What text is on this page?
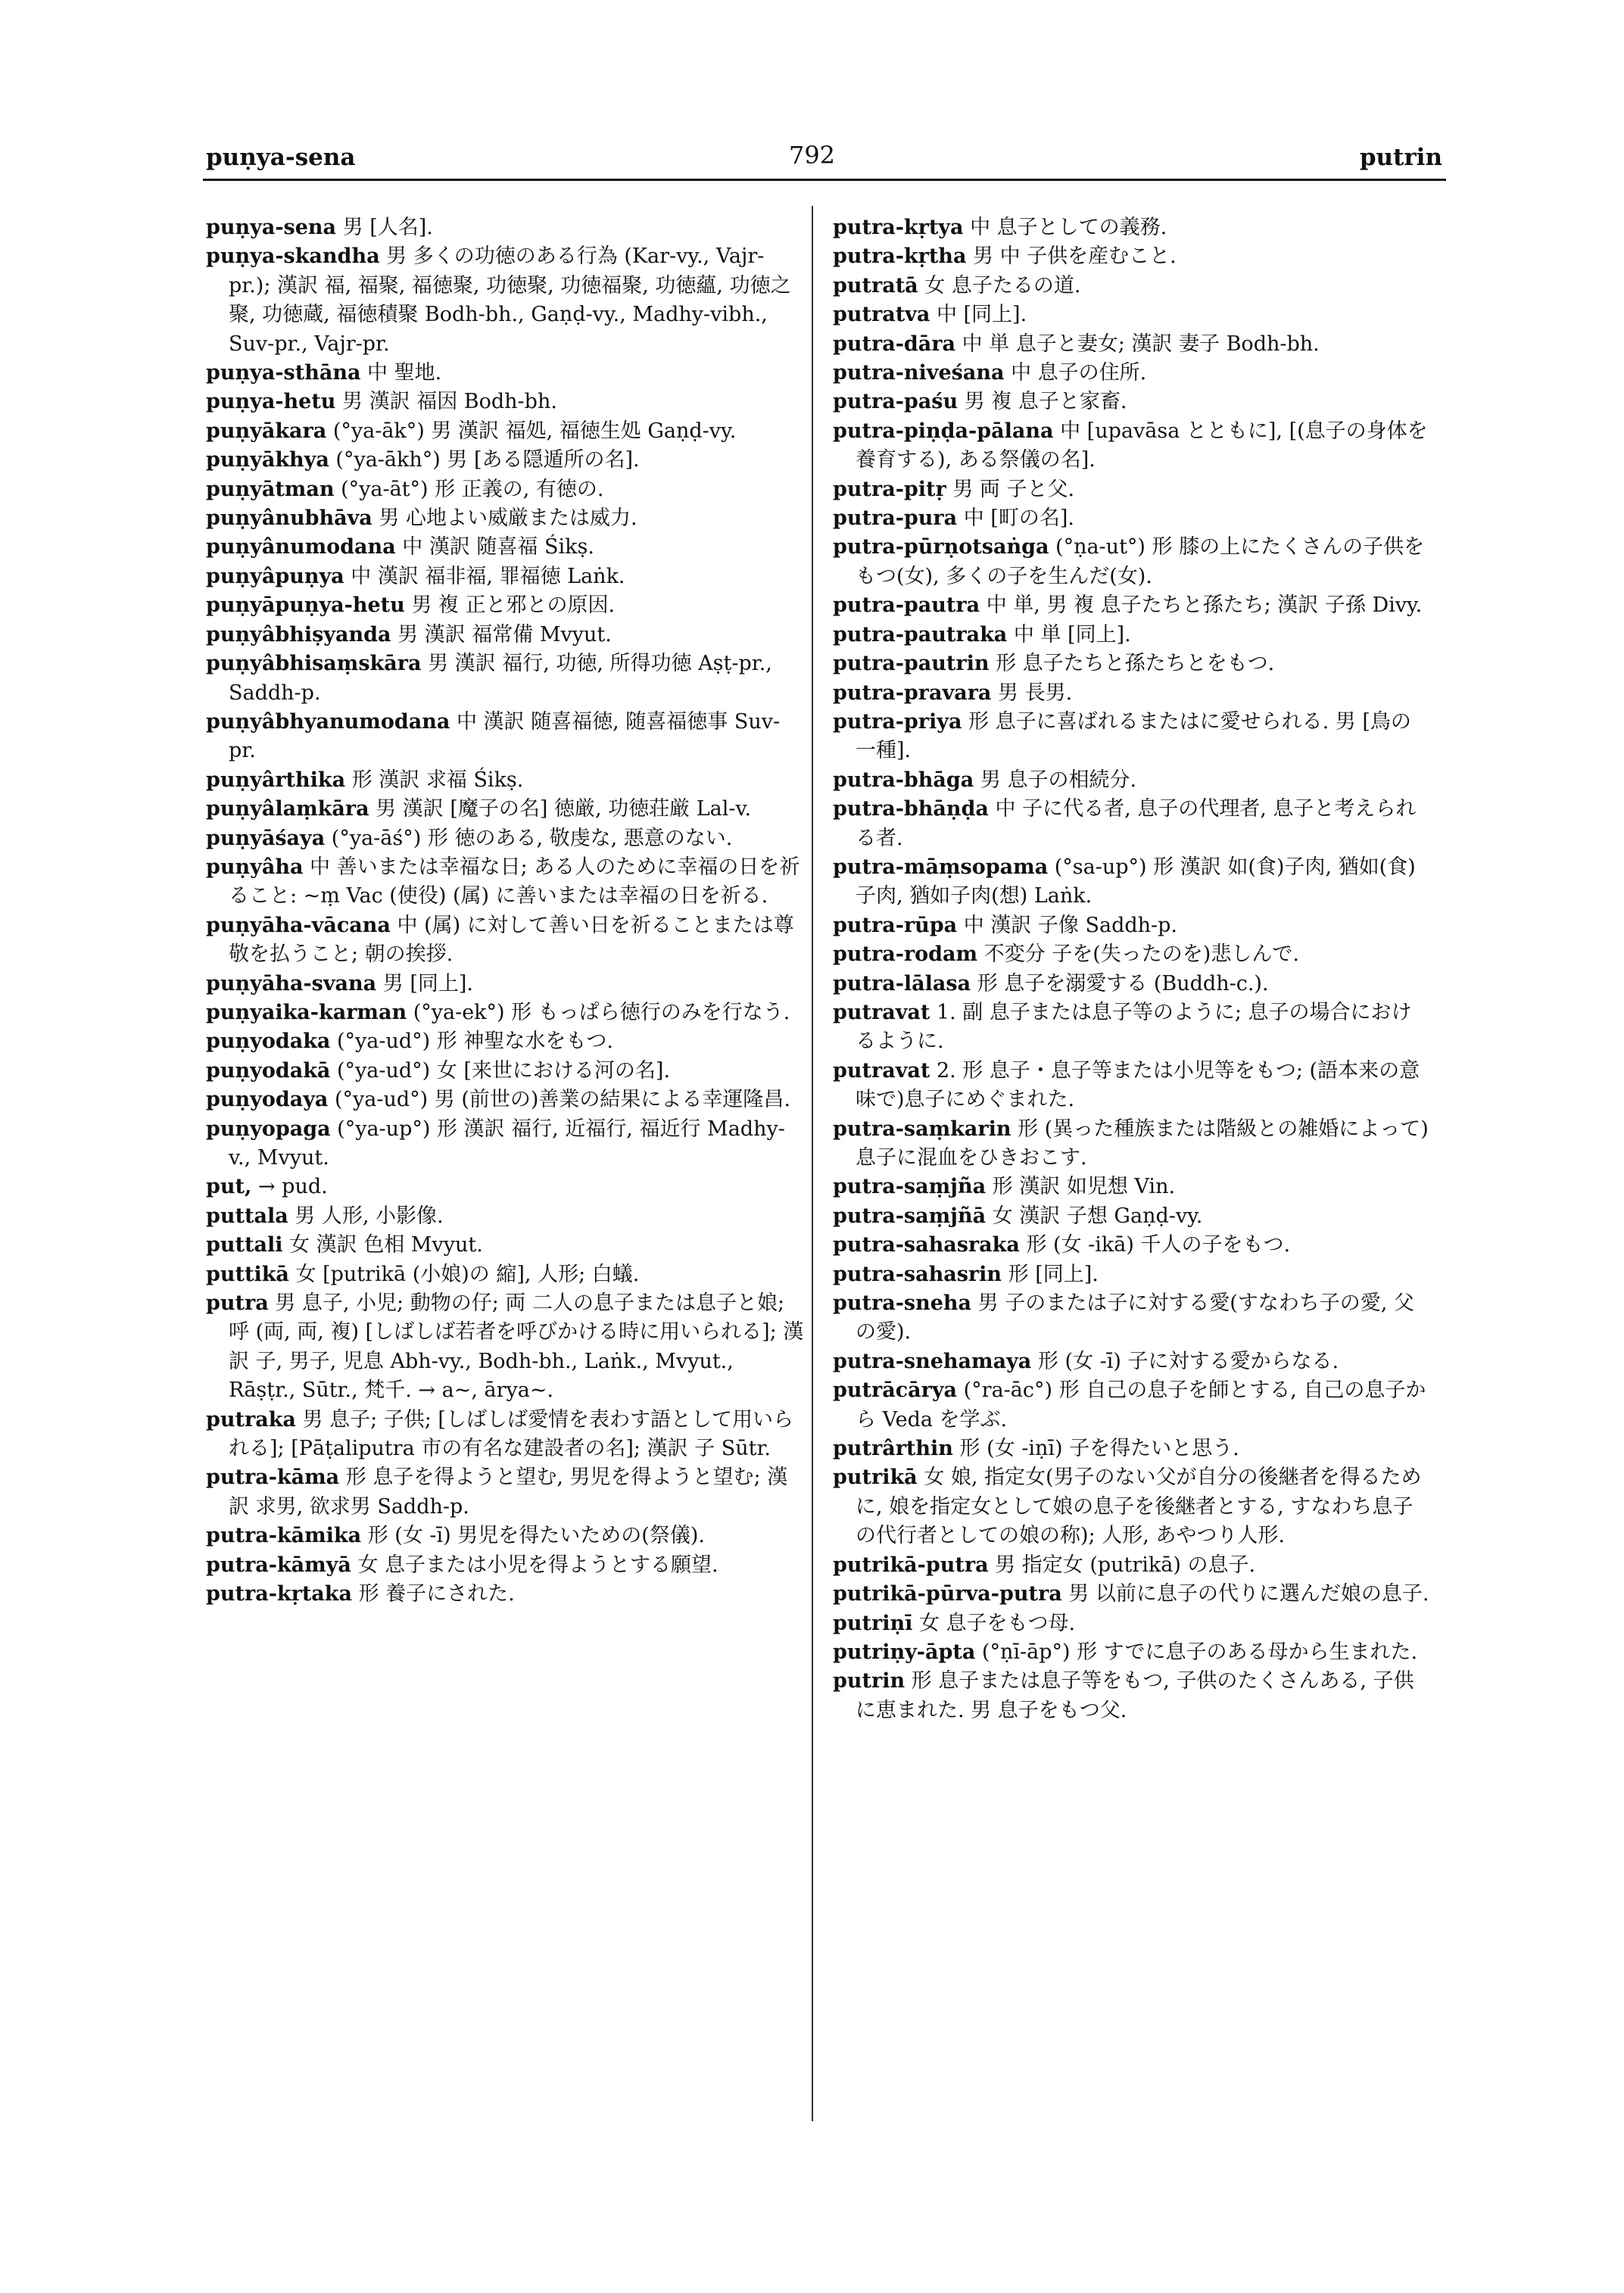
puṇya-sena	792	putrin

puṇya-sena 男 [人名].

puṇya-skandha 男 多くの功徳のある行為 (Kar-vy., Vajr-pr.); 漢訳 福, 福聚, 福徳聚, 功徳聚, 功徳福聚, 功徳蘊, 功徳之聚, 功徳蔵, 福徳積聚 Bodh-bh., Gaṇḍ-vy., Madhy-vibh., Suv-pr., Vajr-pr.

puṇya-sthāna 中 聖地.

puṇya-hetu 男 漢訳 福因 Bodh-bh.

puṇyākara (°ya-āk°) 男 漢訳 福処, 福徳生処 Gaṇḍ-vy.

puṇyākhya (°ya-ākh°) 男 [ある隠遁所の名].

puṇyātman (°ya-āt°) 形 正義の, 有徳の.

puṇyânubhāva 男 心地よい威厳または威力.

puṇyânumodana 中 漢訳 随喜福 Śikṣ.

puṇyâpuṇya 中 漢訳 福非福, 罪福徳 Laṅk.

puṇyāpuṇya-hetu 男 複 正と邪との原因.

puṇyâbhiṣyanda 男 漢訳 福常備 Mvyut.

puṇyâbhisaṃskāra 男 漢訳 福行, 功徳, 所得功徳 Aṣṭ-pr., Saddh-p.

puṇyâbhyanumodana 中 漢訳 随喜福徳, 随喜福徳事 Suv-pr.

puṇyârthika 形 漢訳 求福 Śikṣ.

puṇyâlaṃkāra 男 漢訳 [魔子の名] 徳厳, 功徳荘厳 Lal-v.

puṇyāśaya (°ya-āś°) 形 徳のある, 敬虔な, 悪意のない.

puṇyâha 中 善いまたは幸福な日; ある人のために幸福の日を祈ること: ~ṃ Vac (使役) (属) に善いまたは幸福の日を祈る.

puṇyāha-vācana 中 (属) に対して善い日を祈ることまたは尊敬を払うこと; 朝の挨拶.

puṇyāha-svana 男 [同上].

puṇyaika-karman (°ya-ek°) 形 もっぱら徳行のみを行なう.

puṇyodaka (°ya-ud°) 形 神聖な水をもつ.

puṇyodakā (°ya-ud°) 女 [来世における河の名].

puṇyodaya (°ya-ud°) 男 (前世の)善業の結果による幸運隆昌.

puṇyopaga (°ya-up°) 形 漢訳 福行, 近福行, 福近行 Madhy-v., Mvyut.

put, → pud.

puttala 男 人形, 小影像.

puttali 女 漢訳 色相 Mvyut.

puttikā 女 [putrikā (小娘)の 縮], 人形; 白蟻.

putra 男 息子, 小児; 動物の仔; 両 二人の息子または息子と娘; 呼 (両, 両, 複) [しばしば若者を呼びかける時に用いられる]; 漢訳 子, 男子, 児息 Abh-vy., Bodh-bh., Laṅk., Mvyut., Rāṣṭr., Sūtr., 梵千. → a~, ārya~.

putraka 男 息子; 子供; [しばしば愛情を表わす語として用いられる]; [Pāṭaliputra 市の有名な建設者の名]; 漢訳 子 Sūtr.

putra-kāma 形 息子を得ようと望む, 男児を得ようと望む; 漢訳 求男, 欲求男 Saddh-p.

putra-kāmika 形 (女 -ī) 男児を得たいための(祭儀).

putra-kāmyā 女 息子または小児を得ようとする願望.

putra-kṛtaka 形 養子にされた.

putra-kṛtya 中 息子としての義務.

putra-kṛtha 男 中 子供を産むこと.

putratā 女 息子たるの道.

putratva 中 [同上].

putra-dāra 中 単 息子と妻女; 漢訳 妻子 Bodh-bh.

putra-niveśana 中 息子の住所.

putra-paśu 男 複 息子と家畜.

putra-piṇḍa-pālana 中 [upavāsa とともに], [(息子の身体を養育する), ある祭儀の名].

putra-pitṛ 男 両 子と父.

putra-pura 中 [町の名].

putra-pūrṇotsaṅga (°ṇa-ut°) 形 膝の上にたくさんの子供をもつ(女), 多くの子を生んだ(女).

putra-pautra 中 単, 男 複 息子たちと孫たち; 漢訳 子孫 Divy.

putra-pautraka 中 単 [同上].

putra-pautrin 形 息子たちと孫たちとをもつ.

putra-pravara 男 長男.

putra-priya 形 息子に喜ばれるまたはに愛せられる. 男 [鳥の一種].

putra-bhāga 男 息子の相続分.

putra-bhāṇḍa 中 子に代る者, 息子の代理者, 息子と考えられる者.

putra-māṃsopama (°sa-up°) 形 漢訳 如(食)子肉, 猶如(食)子肉, 猶如子肉(想) Laṅk.

putra-rūpa 中 漢訳 子像 Saddh-p.

putra-rodam 不変分 子を(失ったのを)悲しんで.

putra-lālasa 形 息子を溺愛する (Buddh-c.).

putravat 1. 副 息子または息子等のように; 息子の場合におけるように.

putravat 2. 形 息子・息子等または小児等をもつ; (語本来の意味で)息子にめぐまれた.

putra-saṃkarin 形 (異った種族または階級との雑婚によって)息子に混血をひきおこす.

putra-saṃjña 形 漢訳 如児想 Vin.

putra-saṃjñā 女 漢訳 子想 Gaṇḍ-vy.

putra-sahasraka 形 (女 -ikā) 千人の子をもつ.

putra-sahasrin 形 [同上].

putra-sneha 男 子のまたは子に対する愛(すなわち子の愛, 父の愛).

putra-snehamaya 形 (女 -ī) 子に対する愛からなる.

putrācārya (°ra-āc°) 形 自己の息子を師とする, 自己の息子から Veda を学ぶ.

putrârthin 形 (女 -iṇī) 子を得たいと思う.

putrikā 女 娘, 指定女(男子のない父が自分の後継者を得るために, 娘を指定女として娘の息子を後継者とする, すなわち息子の代行者としての娘の称); 人形, あやつり人形.

putrikā-putra 男 指定女 (putrikā) の息子.

putrikā-pūrva-putra 男 以前に息子の代りに選んだ娘の息子.

putriṇī 女 息子をもつ母.

putriṇy-āpta (°ṇī-āp°) 形 すでに息子のある母から生まれた.

putrin 形 息子または息子等をもつ, 子供のたくさんある, 子供に恵まれた. 男 息子をもつ父.
